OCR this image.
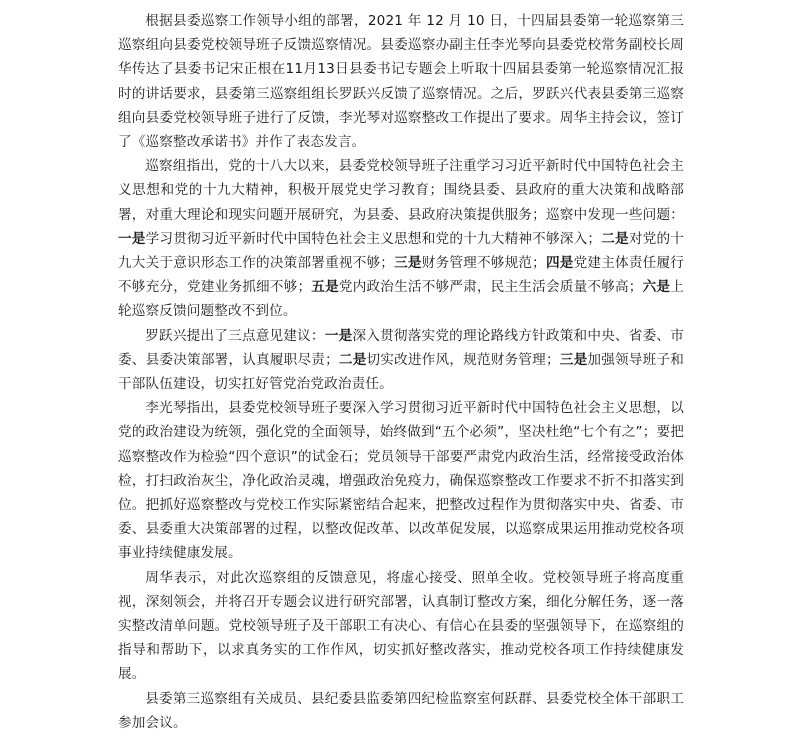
根据县委巡察工作领导小组的部署，2021 年 12 月 10 日，十四届县委第一轮巡察第三巡察组向县委党校领导班子反馈巡察情况。县委巡察办副主任李光琴向县委党校常务副校长周华传达了县委书记宋正根在11月13日县委书记专题会上听取十四届县委第一轮巡察情况汇报时的讲话要求，县委第三巡察组组长罗跃兴反馈了巡察情况。之后，罗跃兴代表县委第三巡察组向县委党校领导班子进行了反馈，李光琴对巡察整改工作提出了要求。周华主持会议，签订了《巡察整改承诺书》并作了表态发言。

巡察组指出，党的十八大以来，县委党校领导班子注重学习习近平新时代中国特色社会主义思想和党的十九大精神，积极开展党史学习教育；围绕县委、县政府的重大决策和战略部署，对重大理论和现实问题开展研究，为县委、县政府决策提供服务；巡察中发现一些问题：一是学习贯彻习近平新时代中国特色社会主义思想和党的十九大精神不够深入；二是对党的十九大关于意识形态工作的决策部署重视不够；三是财务管理不够规范；四是党建主体责任履行不够充分，党建业务抓细不够；五是党内政治生活不够严肃，民主生活会质量不够高；六是上轮巡察反馈问题整改不到位。

罗跃兴提出了三点意见建议：一是深入贯彻落实党的理论路线方针政策和中央、省委、市委、县委决策部署，认真履职尽责；二是切实改进作风，规范财务管理；三是加强领导班子和干部队伍建设，切实扛好管党治党政治责任。

李光琴指出，县委党校领导班子要深入学习贯彻习近平新时代中国特色社会主义思想，以党的政治建设为统领，强化党的全面领导，始终做到“五个必须”，坚决杜绝“七个有之”；要把巡察整改作为检验“四个意识”的试金石；党员领导干部要严肃党内政治生活，经常接受政治体检，打扫政治灰尘，净化政治灵魂，增强政治免疫力，确保巡察整改工作要求不折不扣落实到位。把抓好巡察整改与党校工作实际紧密结合起来，把整改过程作为贯彻落实中央、省委、市委、县委重大决策部署的过程，以整改促改革、以改革促发展，以巡察成果运用推动党校各项事业持续健康发展。

周华表示，对此次巡察组的反馈意见，将虚心接受、照单全收。党校领导班子将高度重视，深刻领会，并将召开专题会议进行研究部署，认真制订整改方案，细化分解任务，逐一落实整改清单问题。党校领导班子及干部职工有决心、有信心在县委的坚强领导下，在巡察组的指导和帮助下，以求真务实的工作作风，切实抓好整改落实，推动党校各项工作持续健康发展。

县委第三巡察组有关成员、县纪委县监委第四纪检监察室何跃群、县委党校全体干部职工参加会议。
